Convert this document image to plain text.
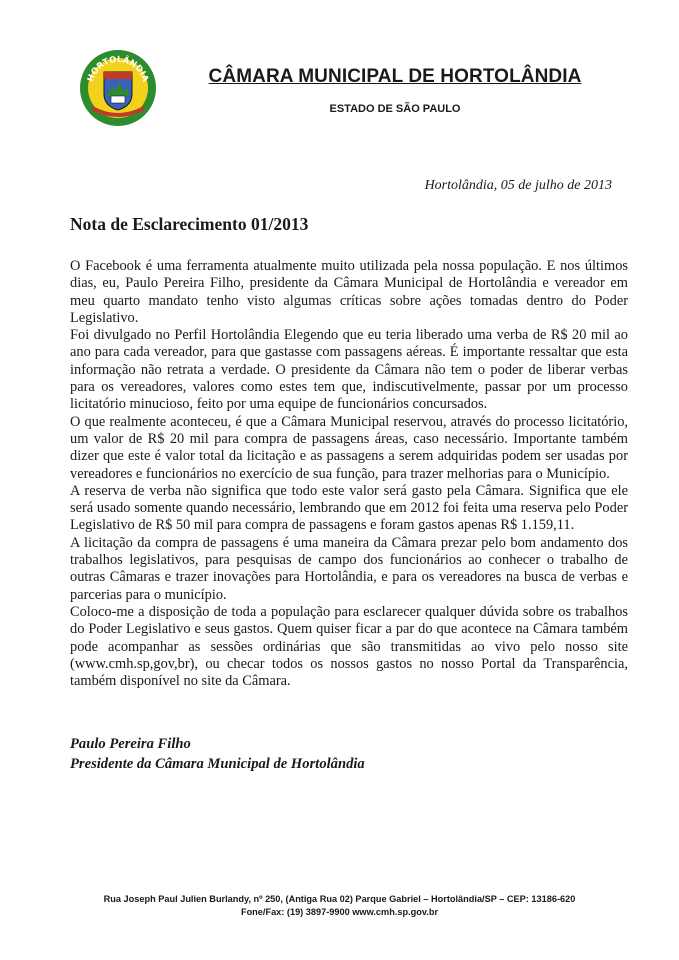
HORTOLÂNDIA	CÂMARA MUNICIPAL DE HORTOLÂNDIA
ESTADO DE SÃO PAULO
Hortolândia, 05 de julho de 2013
Nota de Esclarecimento 01/2013

O Facebook é uma ferramenta atualmente muito utilizada pela nossa população. E nos últimos dias, eu, Paulo Pereira Filho, presidente da Câmara Municipal de Hortolândia e vereador em meu quarto mandato tenho visto algumas críticas sobre ações tomadas dentro do Poder Legislativo.

Foi divulgado no Perfil Hortolândia Elegendo que eu teria liberado uma verba de R$ 20 mil ao ano para cada vereador, para que gastasse com passagens aéreas. É importante ressaltar que esta informação não retrata a verdade. O presidente da Câmara não tem o poder de liberar verbas para os vereadores, valores como estes tem que, indiscutivelmente, passar por um processo licitatório minucioso, feito por uma equipe de funcionários concursados.

O que realmente aconteceu, é que a Câmara Municipal reservou, através do processo licitatório, um valor de R$ 20 mil para compra de passagens áreas, caso necessário. Importante também dizer que este é valor total da licitação e as passagens a serem adquiridas podem ser usadas por vereadores e funcionários no exercício de sua função, para trazer melhorias para o Município.

A reserva de verba não significa que todo este valor será gasto pela Câmara. Significa que ele será usado somente quando necessário, lembrando que em 2012 foi feita uma reserva pelo Poder Legislativo de R$ 50 mil para compra de passagens e foram gastos apenas R$ 1.159,11.

A licitação da compra de passagens é uma maneira da Câmara prezar pelo bom andamento dos trabalhos legislativos, para pesquisas de campo dos funcionários ao conhecer o trabalho de outras Câmaras e trazer inovações para Hortolândia, e para os vereadores na busca de verbas e parcerias para o município.

Coloco-me a disposição de toda a população para esclarecer qualquer dúvida sobre os trabalhos do Poder Legislativo e seus gastos. Quem quiser ficar a par do que acontece na Câmara também pode acompanhar as sessões ordinárias que são transmitidas ao vivo pelo nosso site (www.cmh.sp,gov,br), ou checar todos os nossos gastos no nosso Portal da Transparência, também disponível no site da Câmara.

Paulo Pereira Filho
Presidente da Câmara Municipal de Hortolândia
Rua Joseph Paul Julien Burlandy, nº 250, (Antiga Rua 02) Parque Gabriel – Hortolândia/SP – CEP: 13186-620
Fone/Fax: (19) 3897-9900 www.cmh.sp.gov.br
